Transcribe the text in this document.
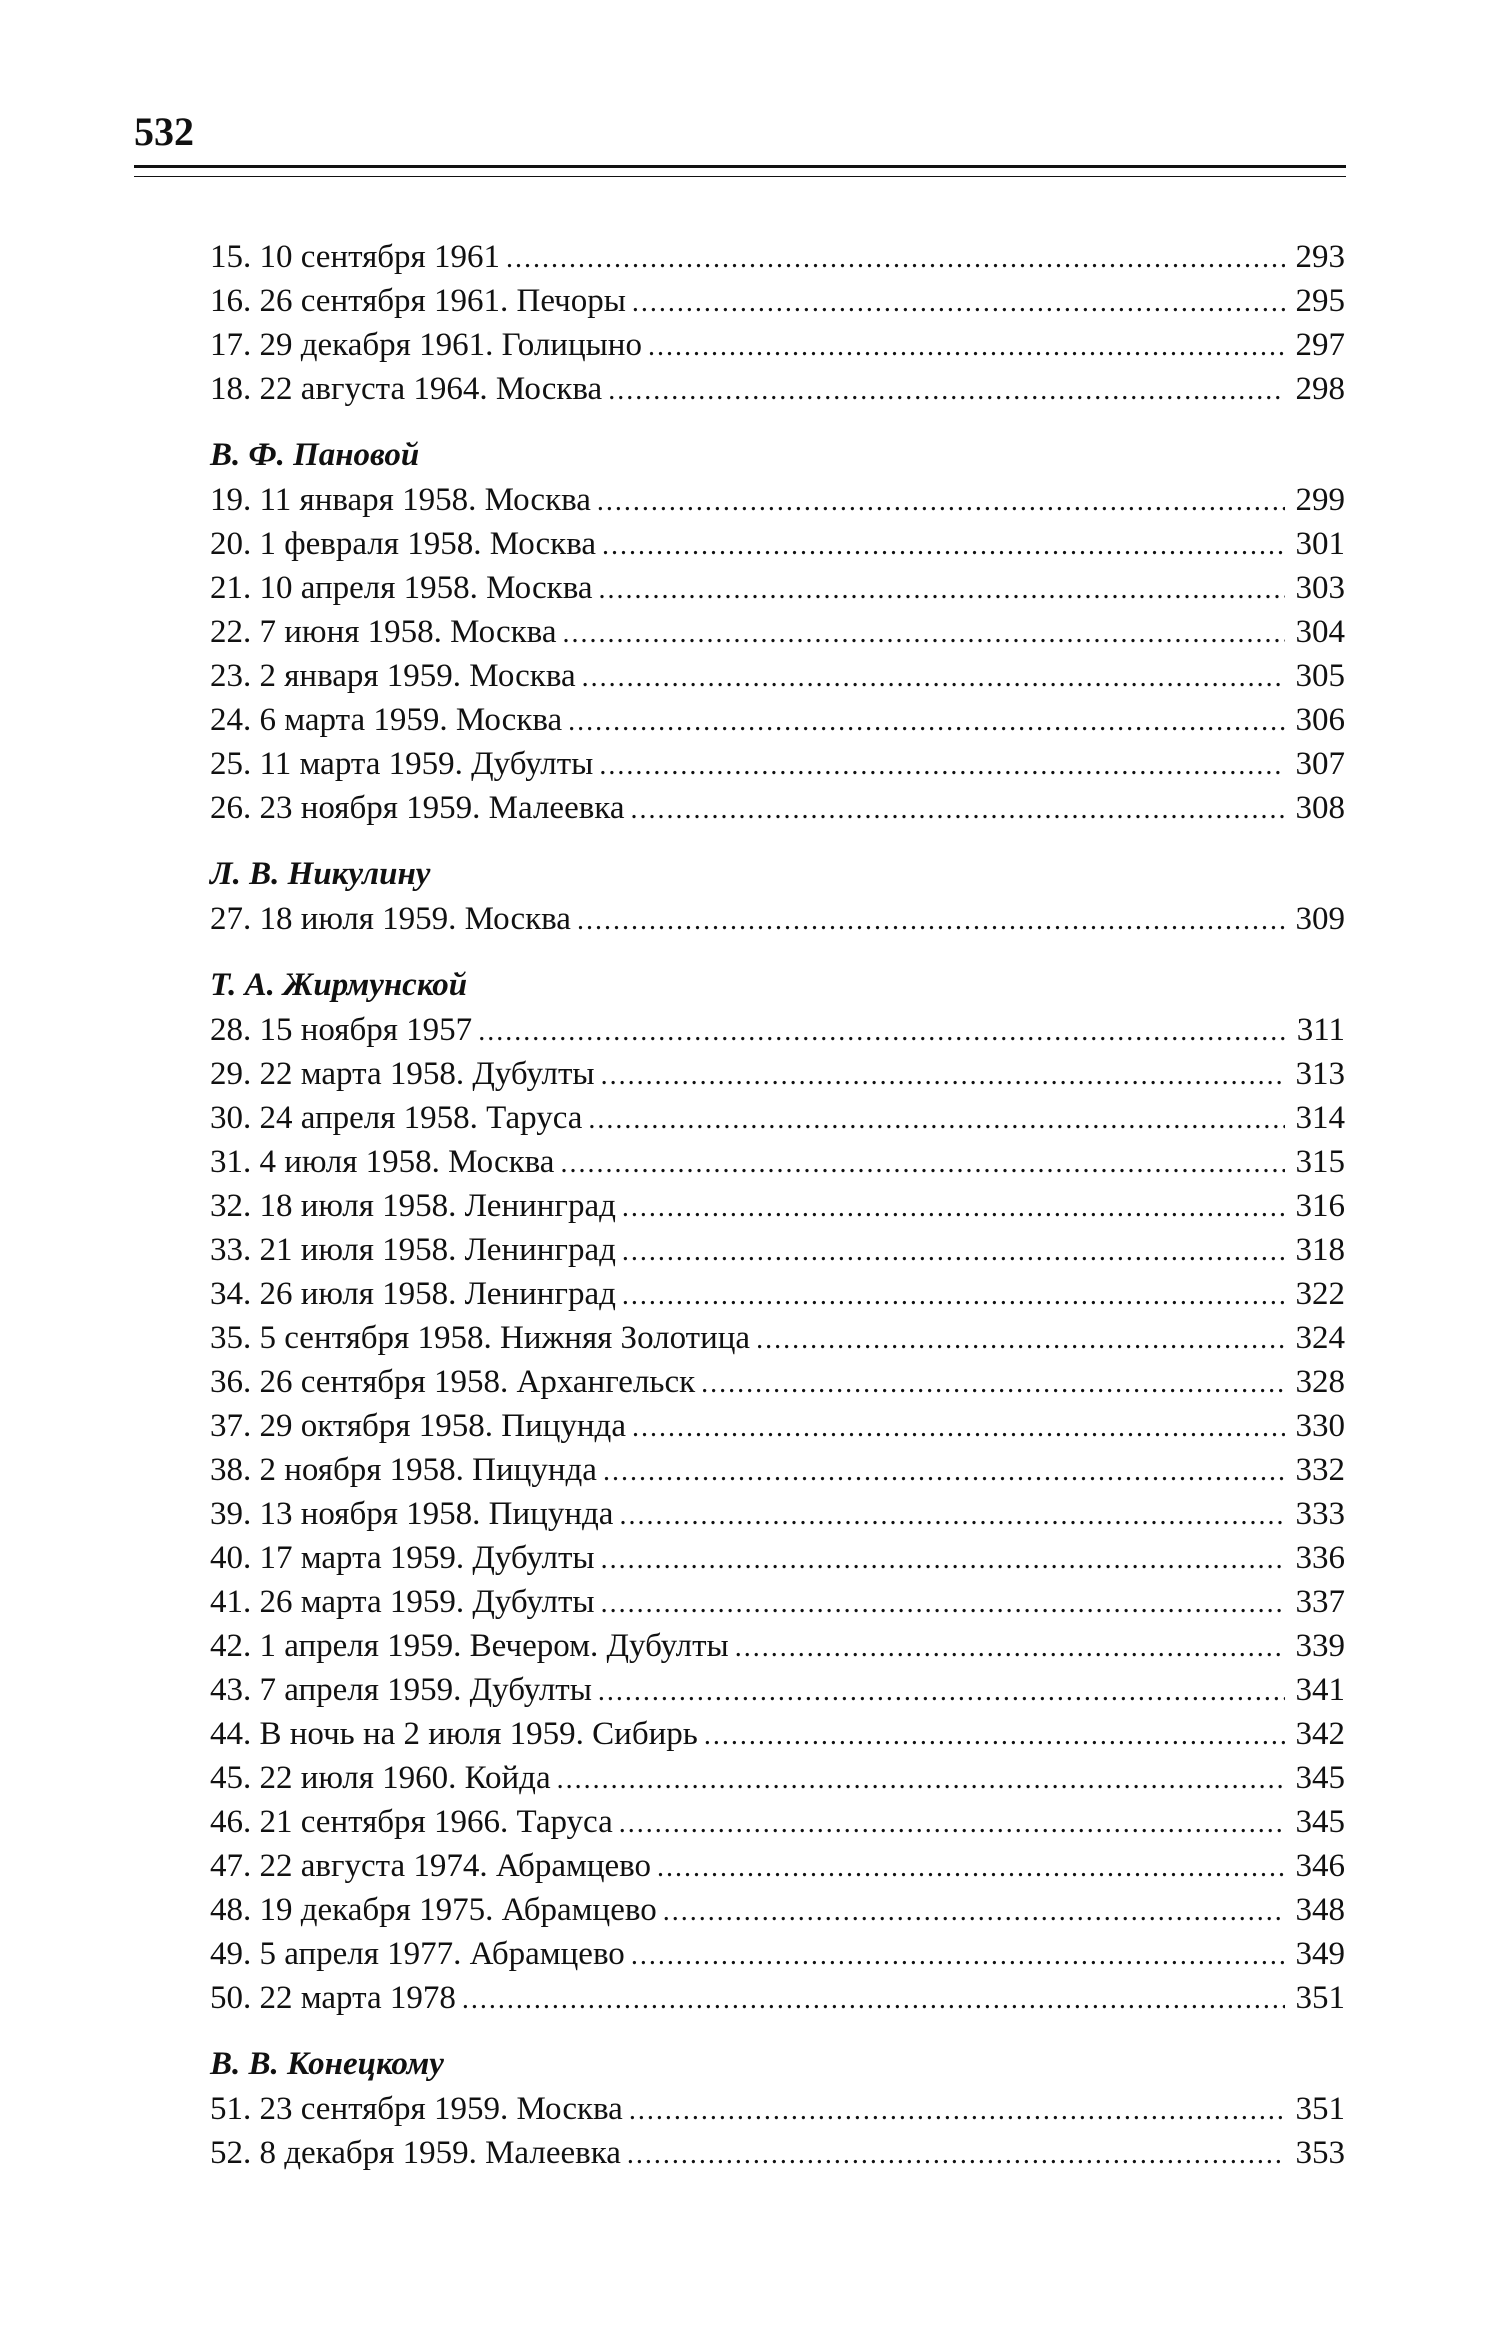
532
15. 10 сентября 1961 .....	293
16. 26 сентября 1961. Печоры .....	295
17. 29 декабря 1961. Голицыно .....	297
18. 22 августа 1964. Москва .....	298
В. Ф. Пановой
19. 11 января 1958. Москва .....	299
20. 1 февраля 1958. Москва .....	301
21. 10 апреля 1958. Москва .....	303
22. 7 июня 1958. Москва .....	304
23. 2 января 1959. Москва .....	305
24. 6 марта 1959. Москва .....	306
25. 11 марта 1959. Дубулты .....	307
26. 23 ноября 1959. Малеевка .....	308
Л. В. Никулину
27. 18 июля 1959. Москва .....	309
Т. А. Жирмунской
28. 15 ноября 1957 .....	311
29. 22 марта 1958. Дубулты .....	313
30. 24 апреля 1958. Таруса .....	314
31. 4 июля 1958. Москва .....	315
32. 18 июля 1958. Ленинград .....	316
33. 21 июля 1958. Ленинград .....	318
34. 26 июля 1958. Ленинград .....	322
35. 5 сентября 1958. Нижняя Золотица .....	324
36. 26 сентября 1958. Архангельск .....	328
37. 29 октября 1958. Пицунда .....	330
38. 2 ноября 1958. Пицунда .....	332
39. 13 ноября 1958. Пицунда .....	333
40. 17 марта 1959. Дубулты .....	336
41. 26 марта 1959. Дубулты .....	337
42. 1 апреля 1959. Вечером. Дубулты .....	339
43. 7 апреля 1959. Дубулты .....	341
44. В ночь на 2 июля 1959. Сибирь .....	342
45. 22 июля 1960. Койда .....	345
46. 21 сентября 1966. Таруса .....	345
47. 22 августа 1974. Абрамцево .....	346
48. 19 декабря 1975. Абрамцево .....	348
49. 5 апреля 1977. Абрамцево .....	349
50. 22 марта 1978 .....	351
В. В. Конецкому
51. 23 сентября 1959. Москва .....	351
52. 8 декабря 1959. Малеевка .....	353
